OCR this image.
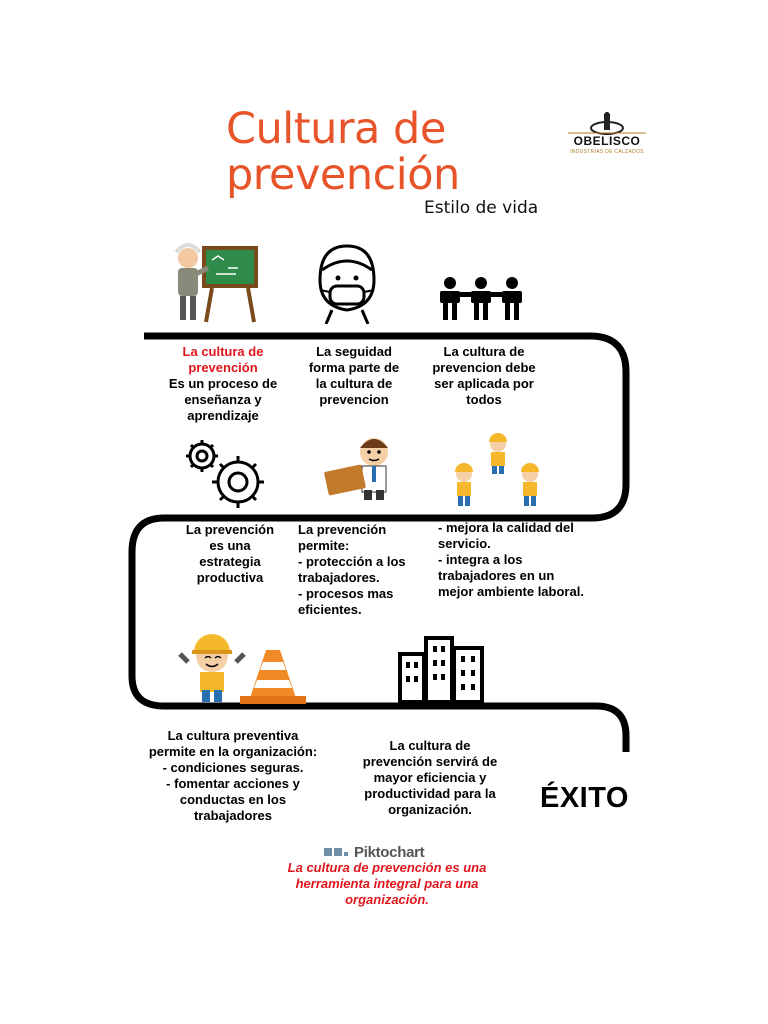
Cultura de
prevención
Estilo de vida
OBELISCO
INDUSTRIAS DE CALZADOS
La cultura de prevención
Es un proceso de
enseñanza y
aprendizaje
La seguidad
forma parte de
la cultura de
prevencion
La cultura de
prevencion debe
ser aplicada por
todos
La prevención
es una
estrategia
productiva
La prevención
permite:
- protección a los
trabajadores.
- procesos mas
eficientes.
- mejora la calidad del
servicio.
- integra a los
trabajadores en un
mejor ambiente laboral.
La cultura preventiva
permite en la organización:
- condiciones seguras.
- fomentar acciones y
conductas en los
trabajadores
La cultura de
prevención servirá de
mayor eficiencia y
productividad para la
organización.	ÉXITO
Piktochart
La cultura de prevención es una
herramienta integral para una
organización.
